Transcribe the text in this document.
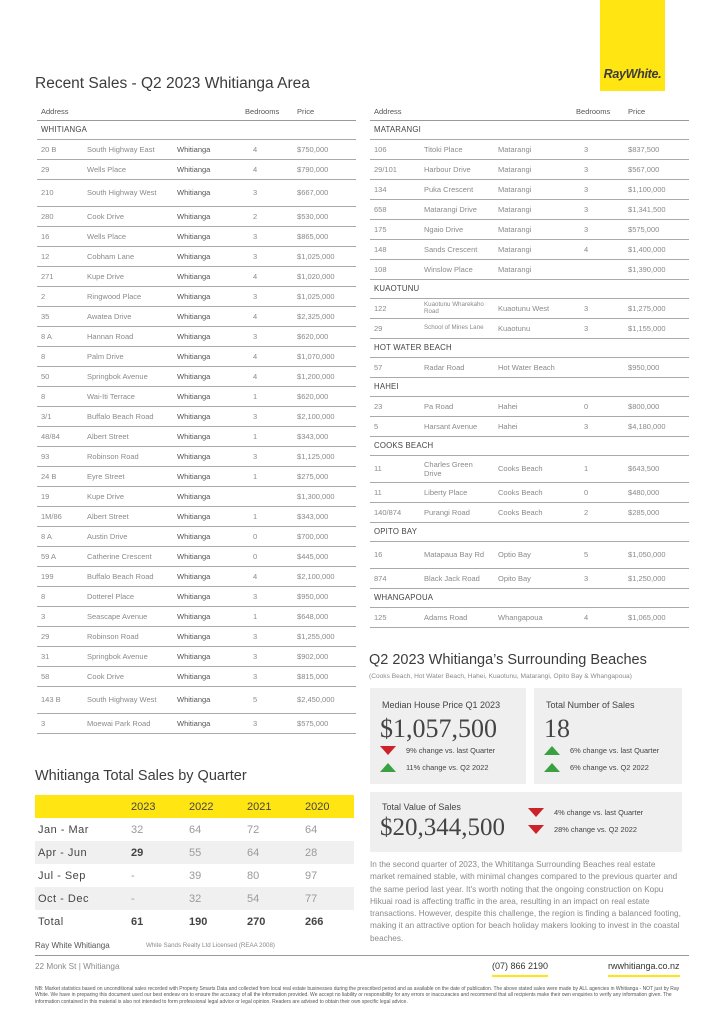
RayWhite.
Recent Sales - Q2 2023 Whitianga Area
Address			Bedrooms	Price
WHITIANGA				
20 B	South Highway East	Whitianga	4	$750,000
29	Wells Place	Whitianga	4	$790,000
210	South Highway West	Whitianga	3	$667,000
280	Cook Drive	Whitianga	2	$530,000
16	Wells Place	Whitianga	3	$865,000
12	Cobham Lane	Whitianga	3	$1,025,000
271	Kupe Drive	Whitianga	4	$1,020,000
2	Ringwood Place	Whitianga	3	$1,025,000
35	Awatea Drive	Whitianga	4	$2,325,000
8 A	Hannan Road	Whitianga	3	$620,000
8	Palm Drive	Whitianga	4	$1,070,000
50	Springbok Avenue	Whitianga	4	$1,200,000
8	Wai-Iti Terrace	Whitianga	1	$620,000
3/1	Buffalo Beach Road	Whitianga	3	$2,100,000
48/84	Albert Street	Whitianga	1	$343,000
93	Robinson Road	Whitianga	3	$1,125,000
24 B	Eyre Street	Whitianga	1	$275,000
19	Kupe Drive	Whitianga		$1,300,000
1M/86	Albert Street	Whitianga	1	$343,000
8 A	Austin Drive	Whitianga	0	$700,000
59 A	Catherine Crescent	Whitianga	0	$445,000
199	Buffalo Beach Road	Whitianga	4	$2,100,000
8	Dotterel Place	Whitianga	3	$950,000
3	Seascape Avenue	Whitianga	1	$648,000
29	Robinson Road	Whitianga	3	$1,255,000
31	Springbok Avenue	Whitianga	3	$902,000
58	Cook Drive	Whitianga	3	$815,000
143 B	South Highway West	Whitianga	5	$2,450,000
3	Moewai Park Road	Whitianga	3	$575,000
Address			Bedrooms	Price
MATARANGI				
106	Titoki Place	Matarangi	3	$837,500
29/101	Harbour Drive	Matarangi	3	$567,000
134	Puka Crescent	Matarangi	3	$1,100,000
658	Matarangi Drive	Matarangi	3	$1,341,500
175	Ngaio Drive	Matarangi	3	$575,000
148	Sands Crescent	Matarangi	4	$1,400,000
108	Winslow Place	Matarangi		$1,390,000
KUAOTUNU				
122	Kuaotunu Wharekaho Road	Kuaotunu West	3	$1,275,000
29	School of Mines Lane	Kuaotunu	3	$1,155,000
HOT WATER BEACH				
57	Radar Road	Hot Water Beach		$950,000
HAHEI				
23	Pa Road	Hahei	0	$800,000
5	Harsant Avenue	Hahei	3	$4,180,000
COOKS BEACH				
11	Charles Green Drive	Cooks Beach	1	$643,500
11	Liberty Place	Cooks Beach	0	$480,000
140/874	Purangi Road	Cooks Beach	2	$285,000
OPITO BAY				
16	Matapaua Bay Rd	Optio Bay	5	$1,050,000
874	Black Jack Road	Opito Bay	3	$1,250,000
WHANGAPOUA				
125	Adams Road	Whangapoua	4	$1,065,000
Whitianga Total Sales by Quarter
	2023	2022	2021	2020
Jan - Mar	32	64	72	64
Apr - Jun	29	55	64	28
Jul - Sep	-	39	80	97
Oct - Dec	-	32	54	77
Total	61	190	270	266
Ray White Whitianga	White Sands Realty Ltd Licensed (REAA 2008)
Q2 2023 Whitianga’s Surrounding Beaches
(Cooks Beach, Hot Water Beach, Hahei, Kuaotunu, Matarangi, Opito Bay & Whangapoua)
Median House Price Q1 2023
$1,057,500
9% change vs. last Quarter
11% change vs. Q2 2022
Total Number of Sales
18
6% change vs. last Quarter
6% change vs. Q2 2022
Total Value of Sales
$20,344,500
4% change vs. last Quarter
28% change vs. Q2 2022
In the second quarter of 2023, the Whititanga Surrounding Beaches real estate market remained stable, with minimal changes compared to the previous quarter and the same period last year. It's worth noting that the ongoing construction on Kopu Hikuai road is affecting traffic in the area, resulting in an impact on real estate transactions. However, despite this challenge, the region is finding a balanced footing, making it an attractive option for beach holiday makers looking to invest in the coastal beaches.
22 Monk St | Whitianga	(07) 866 2190	rwwhitianga.co.nz
NB: Market statistics based on unconditional sales recorded with Property Smarts Data and collected from local real estate businesses during the prescribed period and as available on the date of publication. The above stated sales were made by ALL agencies in Whitianga - NOT just by Ray White. We have in preparing this document used our best endeav ors to ensure the accuracy of all the information provided. We accept no liability or responsibility for any errors or inaccuracies and recommend that all recipients make their own enquiries to verify any information given. The information contained in this material is also not intended to form professional legal advice or legal opinion. Readers are advised to obtain their own specific legal advice.
